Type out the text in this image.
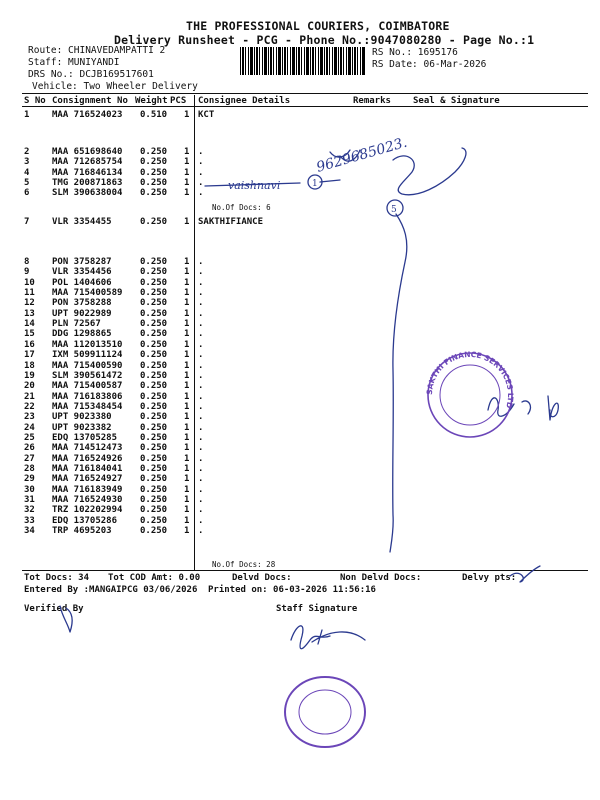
THE PROFESSIONAL COURIERS, COIMBATORE
Delivery Runsheet - PCG - Phone No.:9047080280 - Page No.:1
Route: CHINAVEDAMPATTI 2
Staff: MUNIYANDI
DRS No.: DCJB169517601
Vehicle: Two Wheeler Delivery
RS No.: 1695176
RS Date: 06-Mar-2026
S No Consignment No Weight PCS Consignee Details	Remarks Seal & Signature
1	MAA 716524023 0.510 1 KCT
2	MAA 651698640 0.250 1 .
3	MAA 712685754 0.250 1 .
4	MAA 716846134 0.250 1 .
5	TMG 200871863 0.250 1 .
6	SLM 390638004 0.250 1 .
7	VLR 3354455	0.250 1 SAKTHIFIANCE
8	PON 3758287	0.250 1 .
9	VLR 3354456	0.250 1 .
10 POL 1404606	0.250 1 .
11 MAA 715400589 0.250 1 .
12 PON 3758288	0.250 1 .
13 UPT 9022989	0.250 1 .
14 PLN 72567	0.250 1 .
15 DDG 1298865	0.250 1 .
16 MAA 112013510 0.250 1 .
17 IXM 509911124 0.250 1 .
18 MAA 715400590 0.250 1 .
19 SLM 390561472 0.250 1 .
20 MAA 715400587 0.250 1 .
21 MAA 716183806 0.250 1 .
22 MAA 715348454 0.250 1 .
23 UPT 9023380	0.250 1 .
24 UPT 9023382	0.250 1 .
25 EDQ 13705285	0.250 1 .
26 MAA 714512473 0.250 1 .
27 MAA 716524926 0.250 1 .
28 MAA 716184041 0.250 1 .
29 MAA 716524927 0.250 1 .
30 MAA 716183949 0.250 1 .
31 MAA 716524930 0.250 1 .
32 TRZ 102202994 0.250 1 .
33 EDQ 13705286	0.250 1 .
34 TRP 4695203	0.250 1 .
No.Of Docs: 6
No.Of Docs: 28
Tot Docs: 34 Tot COD Amt: 0.00	Delvd Docs:	Non Delvd Docs:	Delvy pts:
Entered By :MANGAIPCG 03/06/2026 Printed on: 06-03-2026 11:56:16
Verified By	Staff Signature
9629685023.
vaishnavi	1
5
SAKTHI FINANCE SERVICES LTD
